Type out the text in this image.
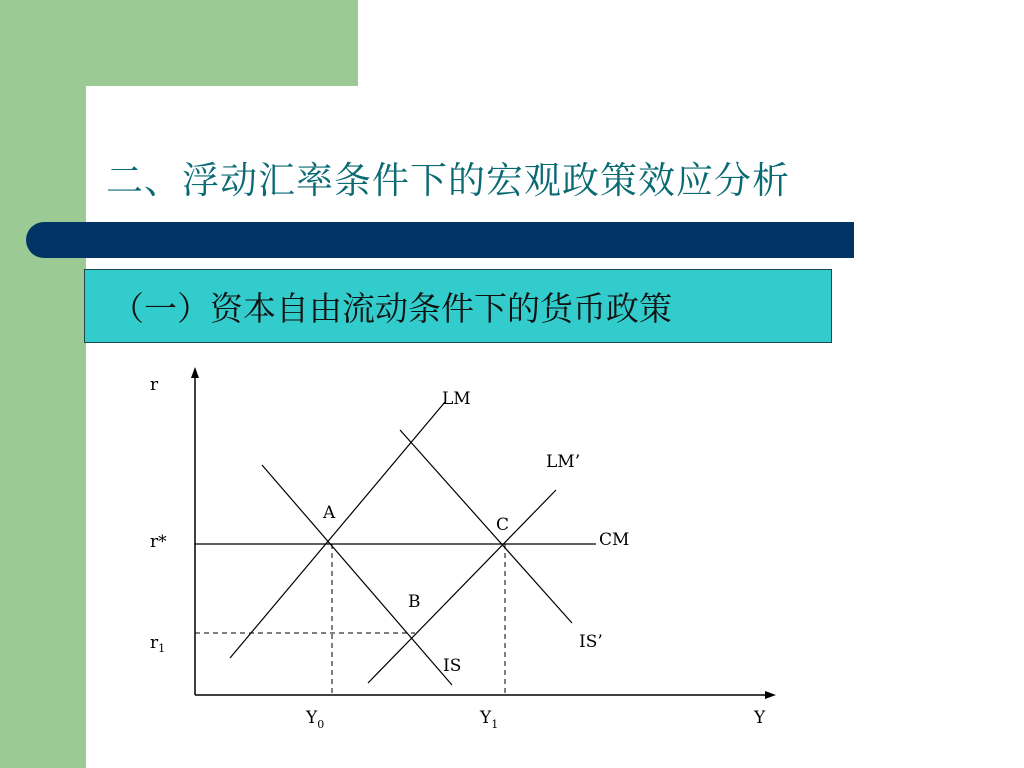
二、浮动汇率条件下的宏观政策效应分析

（一）资本自由流动条件下的货币政策

r
Y
r*
$r_1$
$Y_0$	$Y_1$
LM
LM’
CM
IS
IS’
A
B
C
